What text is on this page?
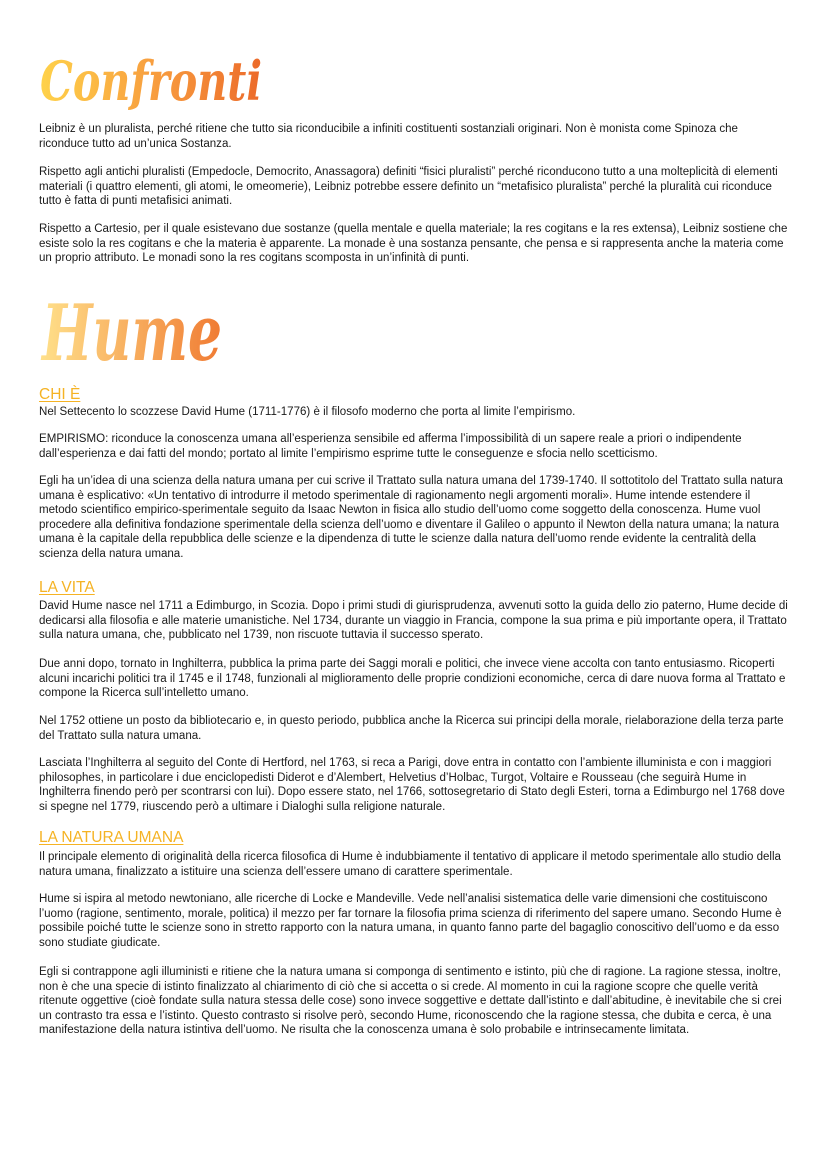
Confronti

Leibniz è un pluralista, perché ritiene che tutto sia riconducibile a infiniti costituenti sostanziali originari. Non è monista come Spinoza che riconduce tutto ad un’unica Sostanza.

Rispetto agli antichi pluralisti (Empedocle, Democrito, Anassagora) definiti “fisici pluralisti” perché riconducono tutto a una molteplicità di elementi materiali (i quattro elementi, gli atomi, le omeomerie), Leibniz potrebbe essere definito un “metafisico pluralista” perché la pluralità cui riconduce tutto è fatta di punti metafisici animati.

Rispetto a Cartesio, per il quale esistevano due sostanze (quella mentale e quella materiale; la res cogitans e la res extensa), Leibniz sostiene che esiste solo la res cogitans e che la materia è apparente. La monade è una sostanza pensante, che pensa e si rappresenta anche la materia come un proprio attributo. Le monadi sono la res cogitans scomposta in un’infinità di punti.

Hume
CHI È

Nel Settecento lo scozzese David Hume (1711-1776) è il filosofo moderno che porta al limite l’empirismo.

EMPIRISMO: riconduce la conoscenza umana all’esperienza sensibile ed afferma l’impossibilità di un sapere reale a priori o indipendente dall’esperienza e dai fatti del mondo; portato al limite l’empirismo esprime tutte le conseguenze e sfocia nello scetticismo.

Egli ha un’idea di una scienza della natura umana per cui scrive il Trattato sulla natura umana del 1739-1740. Il sottotitolo del Trattato sulla natura umana è esplicativo: «Un tentativo di introdurre il metodo sperimentale di ragionamento negli argomenti morali». Hume intende estendere il metodo scientifico empirico-sperimentale seguito da Isaac Newton in fisica allo studio dell’uomo come soggetto della conoscenza. Hume vuol procedere alla definitiva fondazione sperimentale della scienza dell’uomo e diventare il Galileo o appunto il Newton della natura umana; la natura umana è la capitale della repubblica delle scienze e la dipendenza di tutte le scienze dalla natura dell’uomo rende evidente la centralità della scienza della natura umana.

LA VITA

David Hume nasce nel 1711 a Edimburgo, in Scozia. Dopo i primi studi di giurisprudenza, avvenuti sotto la guida dello zio paterno, Hume decide di dedicarsi alla filosofia e alle materie umanistiche. Nel 1734, durante un viaggio in Francia, compone la sua prima e più importante opera, il Trattato sulla natura umana, che, pubblicato nel 1739, non riscuote tuttavia il successo sperato.

Due anni dopo, tornato in Inghilterra, pubblica la prima parte dei Saggi morali e politici, che invece viene accolta con tanto entusiasmo. Ricoperti alcuni incarichi politici tra il 1745 e il 1748, funzionali al miglioramento delle proprie condizioni economiche, cerca di dare nuova forma al Trattato e compone la Ricerca sull’intelletto umano.

Nel 1752 ottiene un posto da bibliotecario e, in questo periodo, pubblica anche la Ricerca sui principi della morale, rielaborazione della terza parte del Trattato sulla natura umana.

Lasciata l’Inghilterra al seguito del Conte di Hertford, nel 1763, si reca a Parigi, dove entra in contatto con l’ambiente illuminista e con i maggiori philosophes, in particolare i due enciclopedisti Diderot e d’Alembert, Helvetius d’Holbac, Turgot, Voltaire e Rousseau (che seguirà Hume in Inghilterra finendo però per scontrarsi con lui). Dopo essere stato, nel 1766, sottosegretario di Stato degli Esteri, torna a Edimburgo nel 1768 dove si spegne nel 1779, riuscendo però a ultimare i Dialoghi sulla religione naturale.

LA NATURA UMANA

Il principale elemento di originalità della ricerca filosofica di Hume è indubbiamente il tentativo di applicare il metodo sperimentale allo studio della natura umana, finalizzato a istituire una scienza dell’essere umano di carattere sperimentale.

Hume si ispira al metodo newtoniano, alle ricerche di Locke e Mandeville. Vede nell’analisi sistematica delle varie dimensioni che costituiscono l’uomo (ragione, sentimento, morale, politica) il mezzo per far tornare la filosofia prima scienza di riferimento del sapere umano. Secondo Hume è possibile poiché tutte le scienze sono in stretto rapporto con la natura umana, in quanto fanno parte del bagaglio conoscitivo dell’uomo e da esso sono studiate giudicate.

Egli si contrappone agli illuministi e ritiene che la natura umana si componga di sentimento e istinto, più che di ragione. La ragione stessa, inoltre, non è che una specie di istinto finalizzato al chiarimento di ciò che si accetta o si crede. Al momento in cui la ragione scopre che quelle verità ritenute oggettive (cioè fondate sulla natura stessa delle cose) sono invece soggettive e dettate dall’istinto e dall’abitudine, è inevitabile che si crei un contrasto tra essa e l’istinto. Questo contrasto si risolve però, secondo Hume, riconoscendo che la ragione stessa, che dubita e cerca, è una manifestazione della natura istintiva dell’uomo. Ne risulta che la conoscenza umana è solo probabile e intrinsecamente limitata.
